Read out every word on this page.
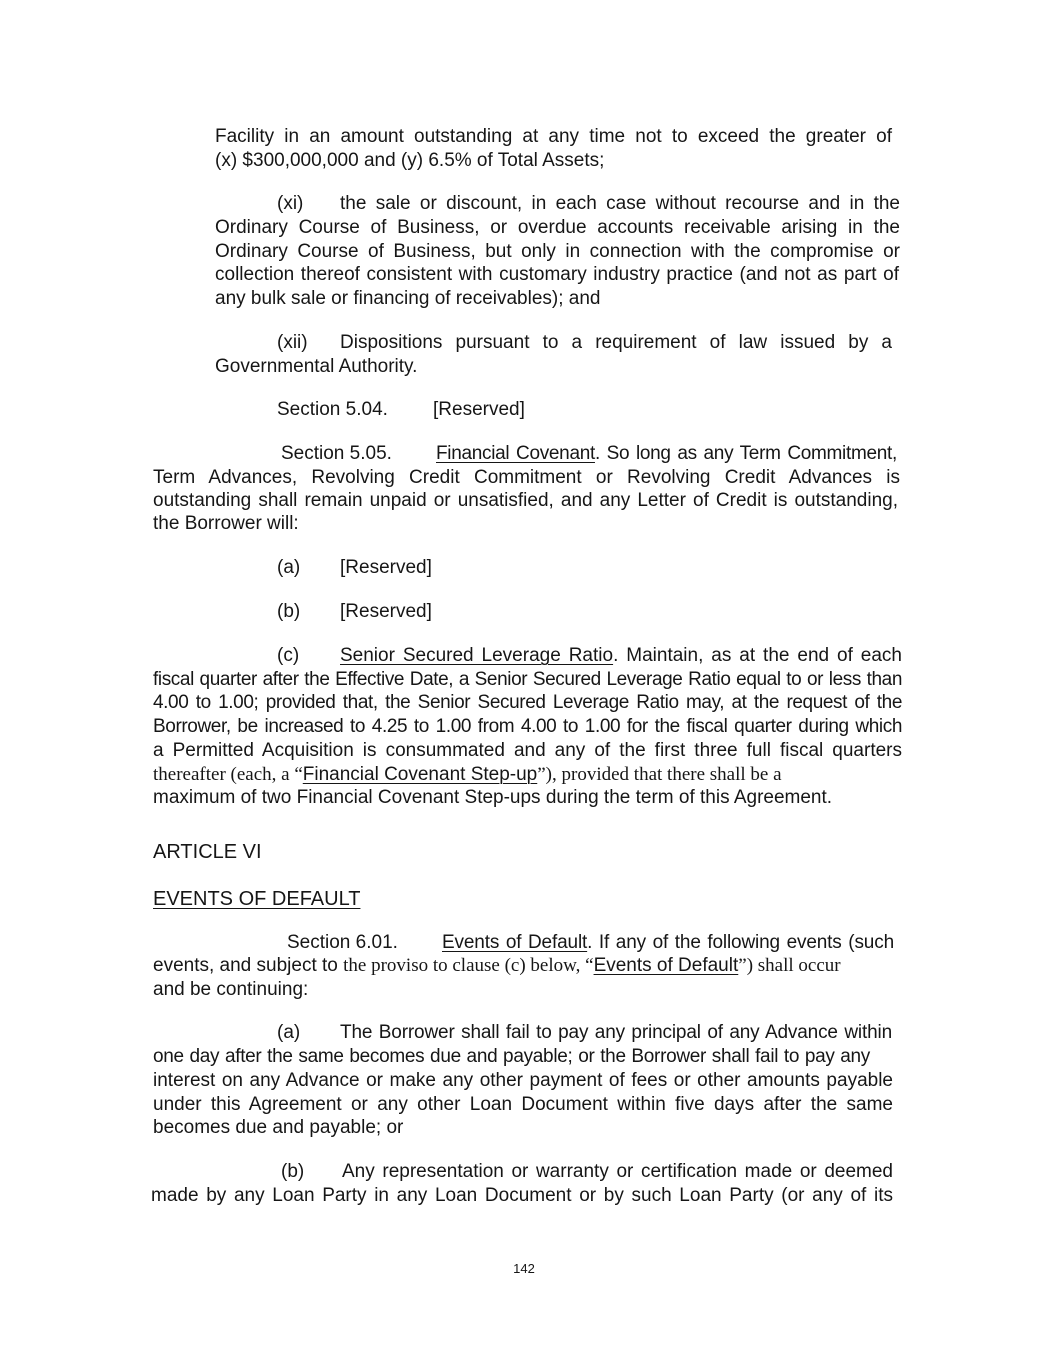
Facility in an amount outstanding at any time not to exceed the greater of
(x) $300,000,000 and (y) 6.5% of Total Assets;
(xi) the sale or discount, in each case without recourse and in the
Ordinary Course of Business, or overdue accounts receivable arising in the
Ordinary Course of Business, but only in connection with the compromise or
collection thereof consistent with customary industry practice (and not as part of
any bulk sale or financing of receivables); and
(xii) Dispositions pursuant to a requirement of law issued by a
Governmental Authority.
Section 5.04. [Reserved]
Section 5.05. Financial Covenant. So long as any Term Commitment,
Term Advances, Revolving Credit Commitment or Revolving Credit Advances is
outstanding shall remain unpaid or unsatisfied, and any Letter of Credit is outstanding,
the Borrower will:
(a) [Reserved]
(b) [Reserved]
(c) Senior Secured Leverage Ratio. Maintain, as at the end of each
fiscal quarter after the Effective Date, a Senior Secured Leverage Ratio equal to or less than
4.00 to 1.00; provided that, the Senior Secured Leverage Ratio may, at the request of the
Borrower, be increased to 4.25 to 1.00 from 4.00 to 1.00 for the fiscal quarter during which
a Permitted Acquisition is consummated and any of the first three full fiscal quarters
thereafter (each, a “Financial Covenant Step-up”), provided that there shall be a
maximum of two Financial Covenant Step-ups during the term of this Agreement.
ARTICLE VI
EVENTS OF DEFAULT
Section 6.01. Events of Default. If any of the following events (such
events, and subject to the proviso to clause (c) below, “Events of Default”) shall occur
and be continuing:
(a) The Borrower shall fail to pay any principal of any Advance within
one day after the same becomes due and payable; or the Borrower shall fail to pay any
interest on any Advance or make any other payment of fees or other amounts payable
under this Agreement or any other Loan Document within five days after the same
becomes due and payable; or
(b) Any representation or warranty or certification made or deemed
made by any Loan Party in any Loan Document or by such Loan Party (or any of its
142
